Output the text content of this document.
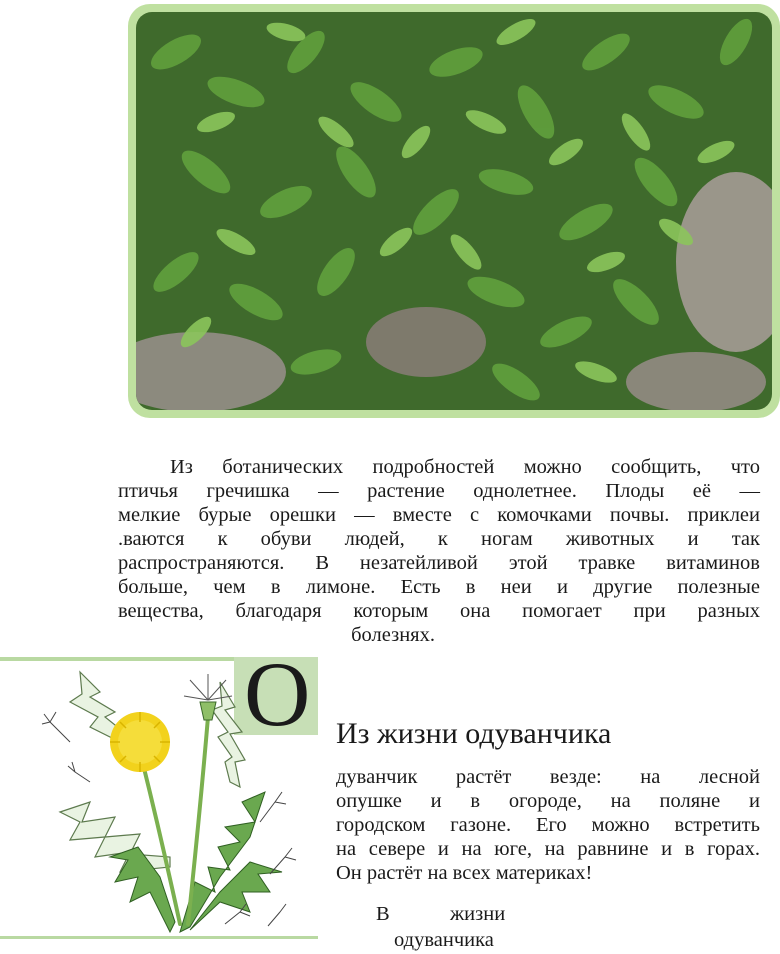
Из ботанических подробностей можно сообщить, что
птичья гречишка — растение однолетнее. Плоды её —
мелкие бурые орешки — вместе с комочками почвы. приклеи
.ваются к обуви людей, к ногам животных и так
распространяются. В незатейливой этой травке витаминов
больше, чем в лимоне. Есть в неи и другие полезные
вещества, благодаря которым она помогает при разных
болезнях.

О Из жизни одуванчика

дуванчик растёт везде: на лесной
опушке и в огороде, на поляне и
городском газоне. Его можно встретить
на севере и на юге, на равнине и в горах.
Он растёт на всех материках!

В	жизни

одуванчика
